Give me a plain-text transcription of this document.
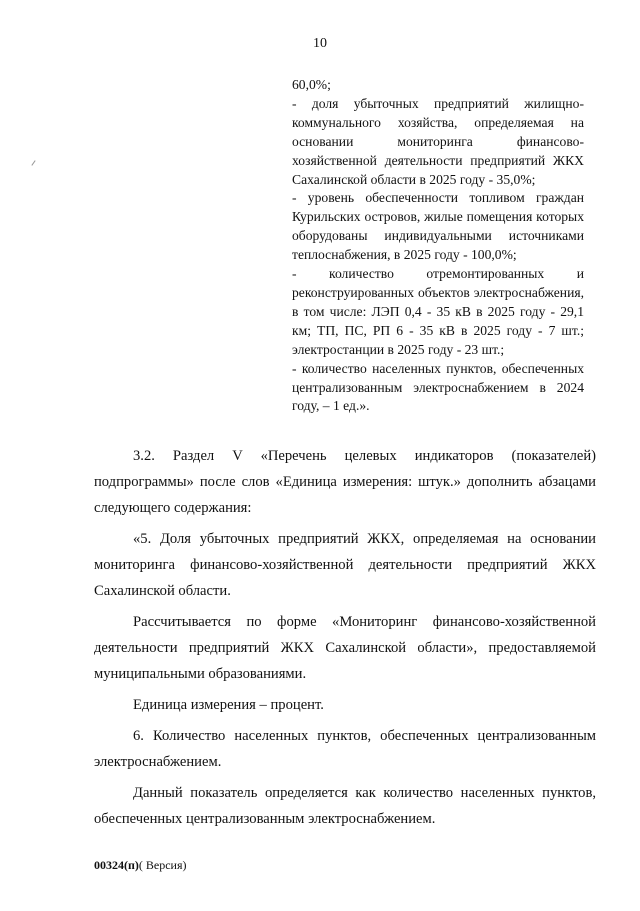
10

60,0%;

- доля убыточных предприятий жилищно-коммунального хозяйства, определяемая на основании мониторинга финансово-хозяйственной деятельности предприятий ЖКХ Сахалинской области в 2025 году - 35,0%;

- уровень обеспеченности топливом граждан Курильских островов, жилые помещения которых оборудованы индивидуальными источниками теплоснабжения, в 2025 году - 100,0%;

- количество отремонтированных и реконструированных объектов электроснабжения, в том числе: ЛЭП 0,4 - 35 кВ в 2025 году - 29,1 км; ТП, ПС, РП 6 - 35 кВ в 2025 году - 7 шт.; электростанции в 2025 году - 23 шт.;

- количество населенных пунктов, обеспеченных централизованным электроснабжением в 2024 году, – 1 ед.».

3.2. Раздел V «Перечень целевых индикаторов (показателей) подпрограммы» после слов «Единица измерения: штук.» дополнить абзацами следующего содержания:

«5. Доля убыточных предприятий ЖКХ, определяемая на основании мониторинга финансово-хозяйственной деятельности предприятий ЖКХ Сахалинской области.

Рассчитывается по форме «Мониторинг финансово-хозяйственной деятельности предприятий ЖКХ Сахалинской области», предоставляемой муниципальными образованиями.

Единица измерения – процент.

6. Количество населенных пунктов, обеспеченных централизованным электроснабжением.

Данный показатель определяется как количество населенных пунктов, обеспеченных централизованным электроснабжением.

00324(п)( Версия)
